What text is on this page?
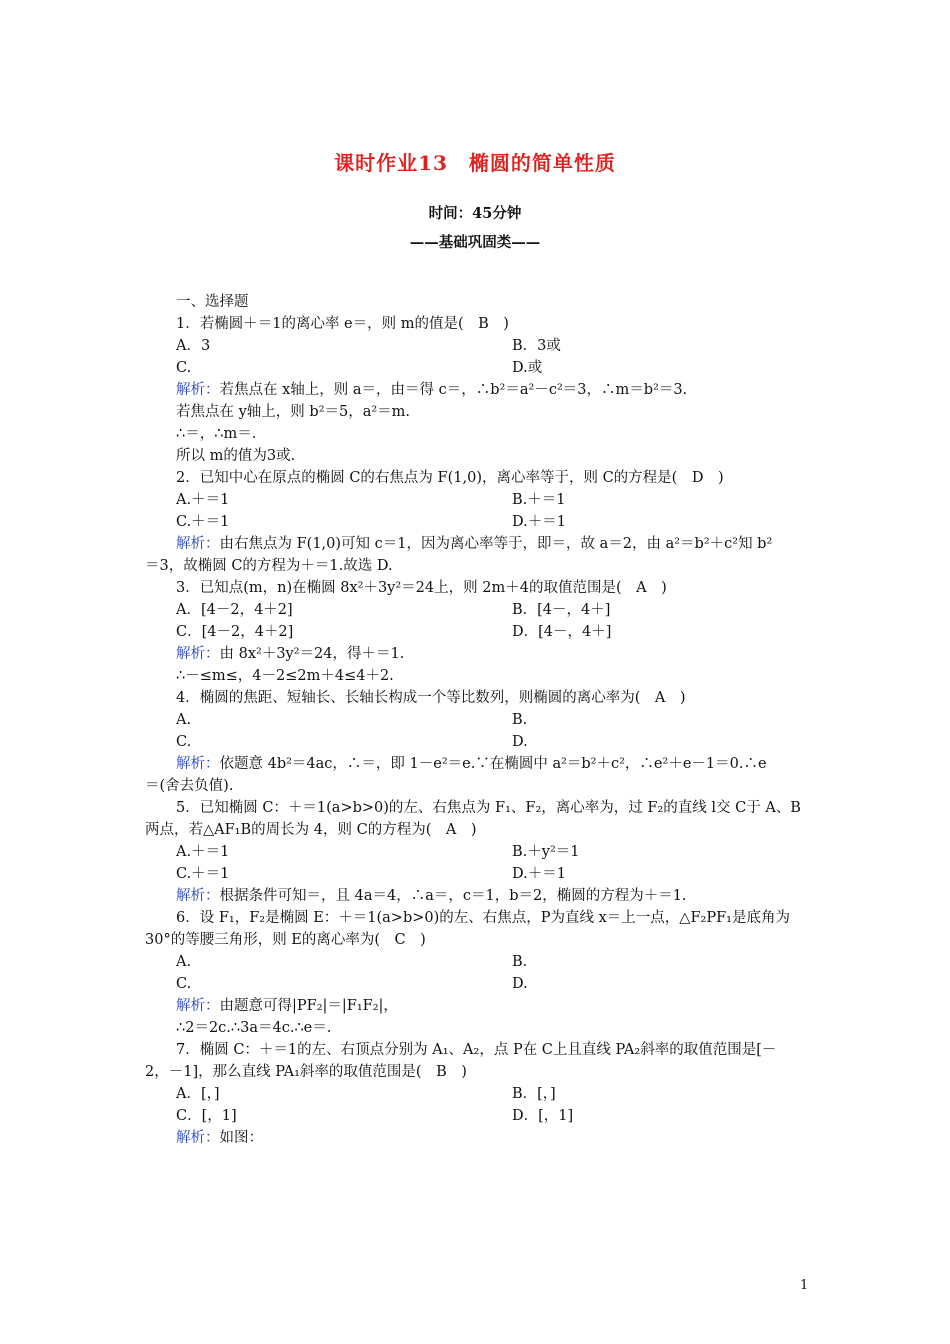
课时作业13　椭圆的简单性质
时间：45分钟
——基础巩固类——
一、选择题
1．若椭圆＋＝1的离心率 e＝，则 m的值是(　B　)
A．3	B．3或
C.	D.或
解析：若焦点在 x轴上，则 a＝，由＝得 c＝，∴b²＝a²－c²＝3，∴m＝b²＝3.
若焦点在 y轴上，则 b²＝5，a²＝m.
∴＝，∴m＝.
所以 m的值为3或.
2．已知中心在原点的椭圆 C的右焦点为 F(1,0)，离心率等于，则 C的方程是(　D　)
A.＋＝1	B.＋＝1
C.＋＝1	D.＋＝1
解析：由右焦点为 F(1,0)可知 c＝1，因为离心率等于，即＝，故 a＝2，由 a²＝b²＋c²知 b²
＝3，故椭圆 C的方程为＋＝1.故选 D.
3．已知点(m，n)在椭圆 8x²＋3y²＝24上，则 2m＋4的取值范围是(　A　)
A．[4－2，4＋2]	B．[4－，4＋]
C．[4－2，4＋2]	D．[4－，4＋]
解析：由 8x²＋3y²＝24，得＋＝1.
∴－≤m≤，4－2≤2m＋4≤4＋2.
4．椭圆的焦距、短轴长、长轴长构成一个等比数列，则椭圆的离心率为(　A　)
A.	B.
C.	D.
解析：依题意 4b²＝4ac，∴＝，即 1－e²＝e.∵在椭圆中 a²＝b²＋c²，∴e²＋e－1＝0.∴e
＝(舍去负值).
5．已知椭圆 C：＋＝1(a>b>0)的左、右焦点为 F₁、F₂，离心率为，过 F₂的直线 l交 C于 A、B
两点，若△AF₁B的周长为 4，则 C的方程为(　A　)
A.＋＝1	B.＋y²＝1
C.＋＝1	D.＋＝1
解析：根据条件可知＝，且 4a＝4，∴a＝，c＝1，b＝2，椭圆的方程为＋＝1.
6．设 F₁，F₂是椭圆 E：＋＝1(a>b>0)的左、右焦点，P为直线 x＝上一点，△F₂PF₁是底角为
30°的等腰三角形，则 E的离心率为(　C　)
A.	B.
C.	D.
解析：由题意可得|PF₂|＝|F₁F₂|，
∴2＝2c.∴3a＝4c.∴e＝.
7．椭圆 C：＋＝1的左、右顶点分别为 A₁、A₂，点 P在 C上且直线 PA₂斜率的取值范围是[－
2，－1]，那么直线 PA₁斜率的取值范围是(　B　)
A．[，]	B．[，]
C．[，1]	D．[，1]
解析：如图：
1
